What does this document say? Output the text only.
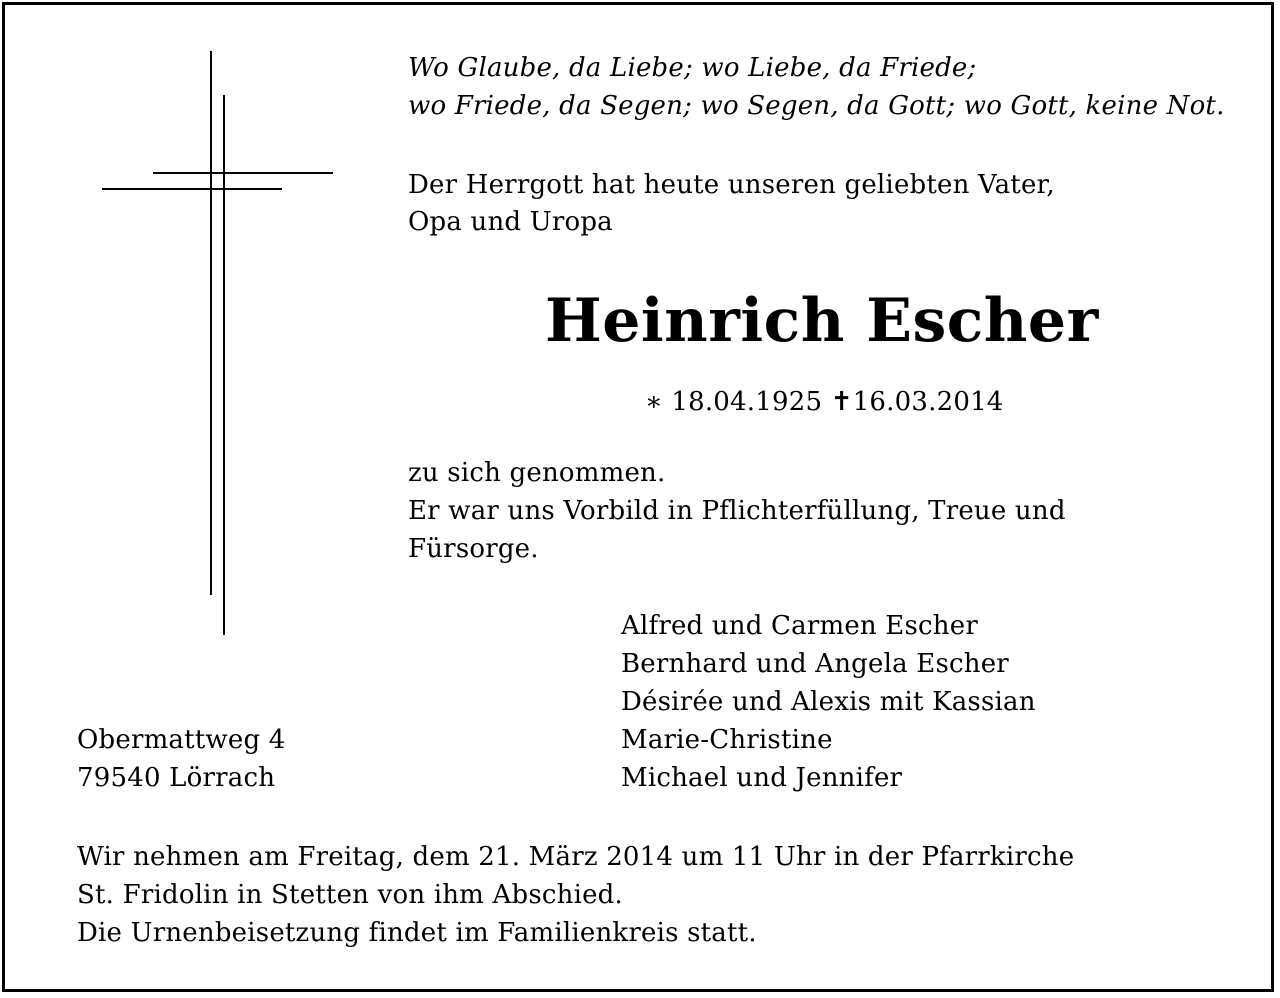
Wo Glaube, da Liebe; wo Liebe, da Friede;

wo Friede, da Segen; wo Segen, da Gott; wo Gott, keine Not.

Der Herrgott hat heute unseren geliebten Vater,

Opa und Uropa

Heinrich Escher

∗ 18.04.1925 ✝16.03.2014

zu sich genommen.

Er war uns Vorbild in Pflichterfüllung, Treue und

Fürsorge.

Alfred und Carmen Escher

Bernhard und Angela Escher

Désirée und Alexis mit Kassian

Marie-Christine

Michael und Jennifer

Obermattweg 4

79540 Lörrach

Wir nehmen am Freitag, dem 21. März 2014 um 11 Uhr in der Pfarrkirche

St. Fridolin in Stetten von ihm Abschied.

Die Urnenbeisetzung findet im Familienkreis statt.
